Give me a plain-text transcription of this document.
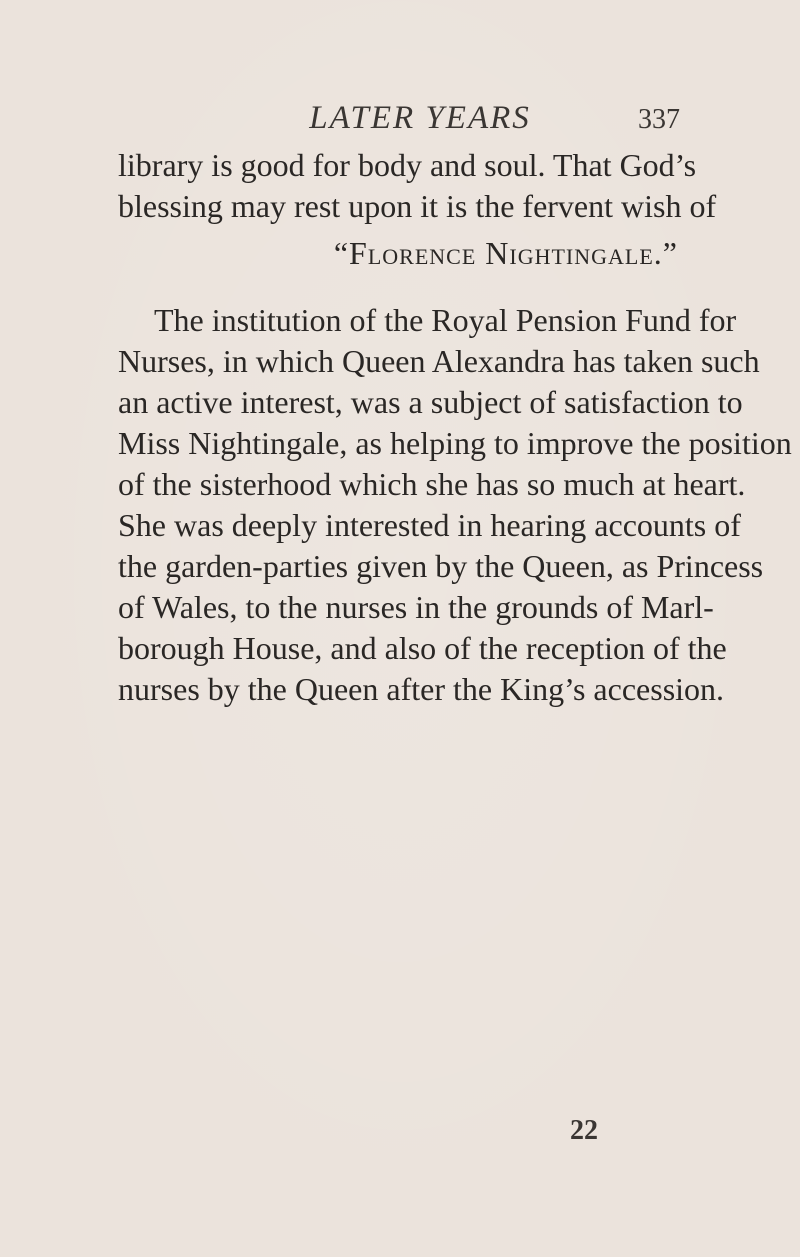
LATER YEARS	337
library is good for body and soul. That God’s
blessing may rest upon it is the fervent wish of
“Florence Nightingale.”
The institution of the Royal Pension Fund for
Nurses, in which Queen Alexandra has taken such
an active interest, was a subject of satisfaction to
Miss Nightingale, as helping to improve the position
of the sisterhood which she has so much at heart.
She was deeply interested in hearing accounts of
the garden-parties given by the Queen, as Princess
of Wales, to the nurses in the grounds of Marl-
borough House, and also of the reception of the
nurses by the Queen after the King’s accession.
22
